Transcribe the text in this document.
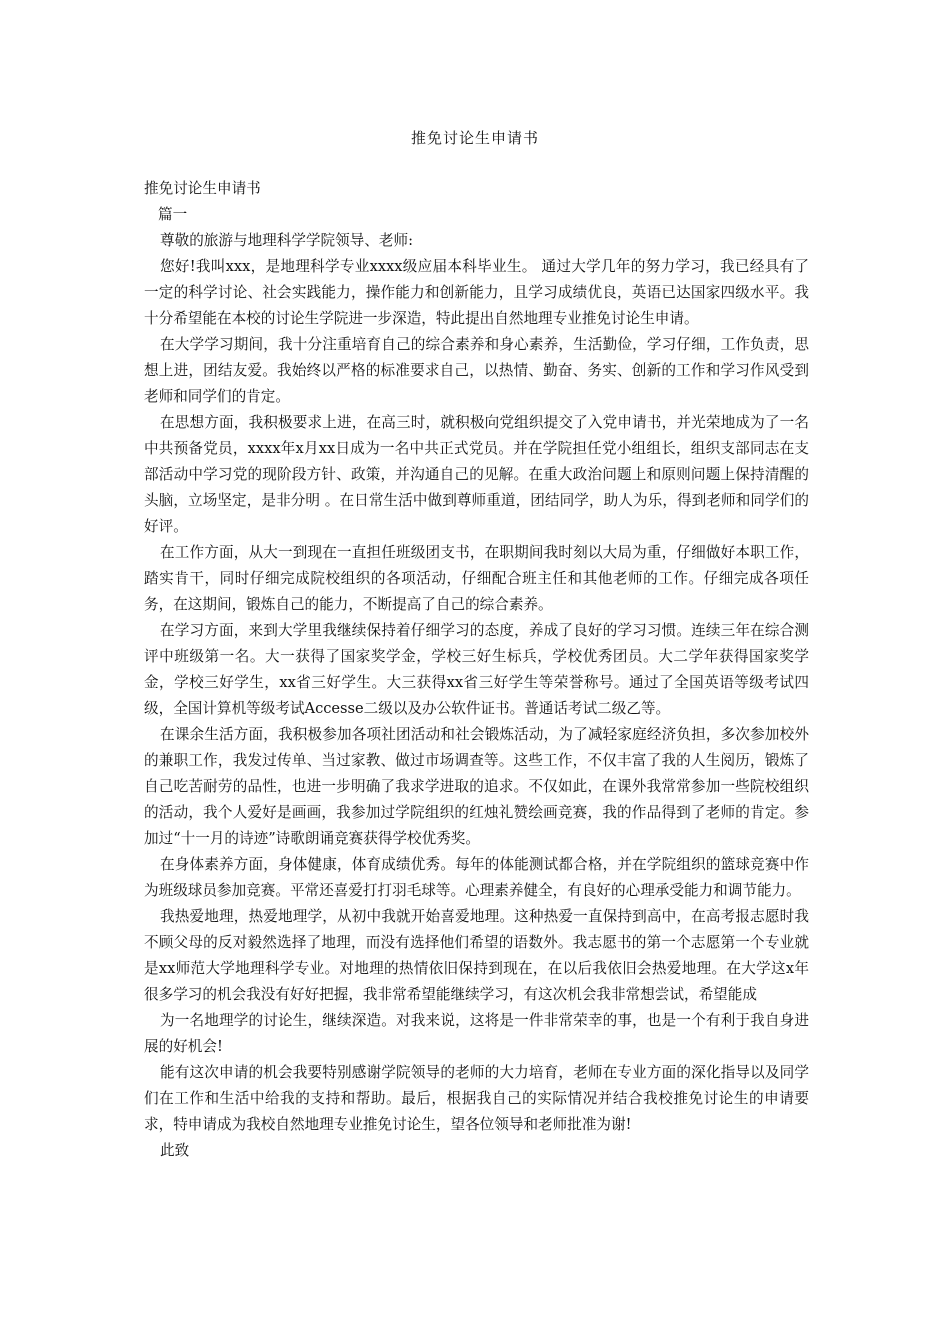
推免讨论生申请书

推免讨论生申请书

篇一

尊敬的旅游与地理科学学院领导、老师:

您好!我叫xxx，是地理科学专业xxxx级应届本科毕业生。 通过大学几年的努力学习，我已经具有了一定的科学讨论、社会实践能力，操作能力和创新能力，且学习成绩优良，英语已达国家四级水平。我十分希望能在本校的讨论生学院进一步深造，特此提出自然地理专业推免讨论生申请。

在大学学习期间，我十分注重培育自己的综合素养和身心素养，生活勤俭，学习仔细，工作负责，思想上进，团结友爱。我始终以严格的标准要求自己，以热情、勤奋、务实、创新的工作和学习作风受到老师和同学们的肯定。

在思想方面，我积极要求上进，在高三时，就积极向党组织提交了入党申请书，并光荣地成为了一名中共预备党员，xxxx年x月xx日成为一名中共正式党员。并在学院担任党小组组长，组织支部同志在支部活动中学习党的现阶段方针、政策，并沟通自己的见解。在重大政治问题上和原则问题上保持清醒的头脑，立场坚定，是非分明 。在日常生活中做到尊师重道，团结同学，助人为乐，得到老师和同学们的好评。

在工作方面，从大一到现在一直担任班级团支书，在职期间我时刻以大局为重，仔细做好本职工作，踏实肯干，同时仔细完成院校组织的各项活动，仔细配合班主任和其他老师的工作。仔细完成各项任务，在这期间，锻炼自己的能力，不断提高了自己的综合素养。

在学习方面，来到大学里我继续保持着仔细学习的态度，养成了良好的学习习惯。连续三年在综合测评中班级第一名。大一获得了国家奖学金，学校三好生标兵，学校优秀团员。大二学年获得国家奖学金，学校三好学生，xx省三好学生。大三获得xx省三好学生等荣誉称号。通过了全国英语等级考试四级，全国计算机等级考试Accesse二级以及办公软件证书。普通话考试二级乙等。

在课余生活方面，我积极参加各项社团活动和社会锻炼活动，为了减轻家庭经济负担，多次参加校外的兼职工作，我发过传单、当过家教、做过市场调查等。这些工作，不仅丰富了我的人生阅历，锻炼了自己吃苦耐劳的品性，也进一步明确了我求学进取的追求。不仅如此，在课外我常常参加一些院校组织的活动，我个人爱好是画画，我参加过学院组织的红烛礼赞绘画竞赛，我的作品得到了老师的肯定。参加过“十一月的诗迹”诗歌朗诵竞赛获得学校优秀奖。

在身体素养方面，身体健康，体育成绩优秀。每年的体能测试都合格，并在学院组织的篮球竞赛中作为班级球员参加竞赛。平常还喜爱打打羽毛球等。心理素养健全，有良好的心理承受能力和调节能力。

我热爱地理，热爱地理学，从初中我就开始喜爱地理。这种热爱一直保持到高中，在高考报志愿时我不顾父母的反对毅然选择了地理，而没有选择他们希望的语数外。我志愿书的第一个志愿第一个专业就是xx师范大学地理科学专业。对地理的热情依旧保持到现在，在以后我依旧会热爱地理。在大学这x年很多学习的机会我没有好好把握，我非常希望能继续学习，有这次机会我非常想尝试，希望能成

为一名地理学的讨论生，继续深造。对我来说，这将是一件非常荣幸的事，也是一个有利于我自身进展的好机会!

能有这次申请的机会我要特别感谢学院领导的老师的大力培育，老师在专业方面的深化指导以及同学们在工作和生活中给我的支持和帮助。最后，根据我自己的实际情况并结合我校推免讨论生的申请要求，特申请成为我校自然地理专业推免讨论生，望各位领导和老师批准为谢!

此致
